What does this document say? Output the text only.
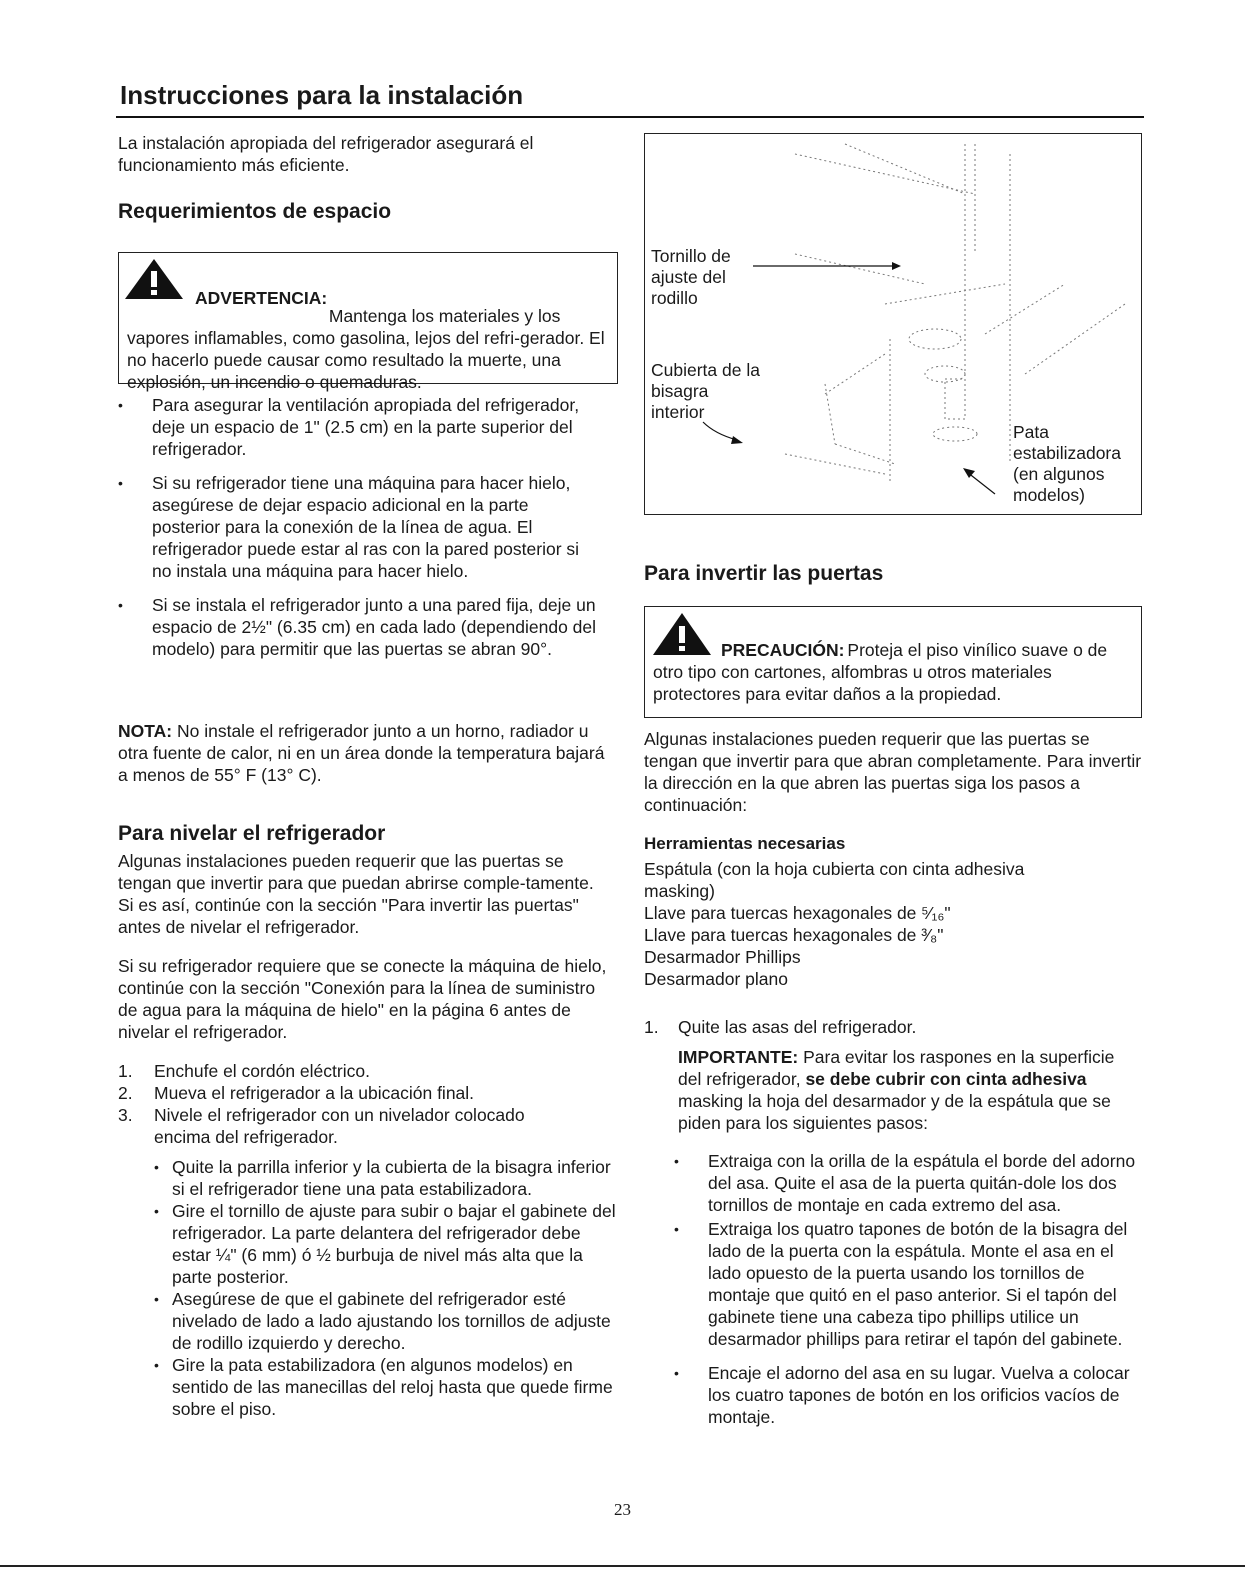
Instrucciones para la instalación

La instalación apropiada del refrigerador asegurará el funcionamiento más eficiente.

Requerimientos de espacio
ADVERTENCIA:
Mantenga los materiales y los vapores inflamables, como gasolina, lejos del refri-gerador. El no hacerlo puede causar como resultado la muerte, una explosión, un incendio o quemaduras.
• Para asegurar la ventilación apropiada del refrigerador, deje un espacio de 1" (2.5 cm) en la parte superior del refrigerador.
• Si su refrigerador tiene una máquina para hacer hielo, asegúrese de dejar espacio adicional en la parte posterior para la conexión de la línea de agua. El refrigerador puede estar al ras con la pared posterior si no instala una máquina para hacer hielo.
• Si se instala el refrigerador junto a una pared fija, deje un espacio de 2½" (6.35 cm) en cada lado (dependiendo del modelo) para permitir que las puertas se abran 90°.

NOTA: No instale el refrigerador junto a un horno, radiador u otra fuente de calor, ni en un área donde la temperatura bajará a menos de 55° F (13° C).

Para nivelar el refrigerador

Algunas instalaciones pueden requerir que las puertas se tengan que invertir para que puedan abrirse comple-tamente. Si es así, continúe con la sección "Para invertir las puertas" antes de nivelar el refrigerador.

Si su refrigerador requiere que se conecte la máquina de hielo, continúe con la sección "Conexión para la línea de suministro de agua para la máquina de hielo" en la página 6 antes de nivelar el refrigerador.

1. Enchufe el cordón eléctrico.
2. Mueva el refrigerador a la ubicación final.
3. Nivele el refrigerador con un nivelador colocado encima del refrigerador.
• Quite la parrilla inferior y la cubierta de la bisagra inferior si el refrigerador tiene una pata estabilizadora.
• Gire el tornillo de ajuste para subir o bajar el gabinete del refrigerador. La parte delantera del refrigerador debe estar ¼" (6 mm) ó ½ burbuja de nivel más alta que la parte posterior.
• Asegúrese de que el gabinete del refrigerador esté nivelado de lado a lado ajustando los tornillos de adjuste de rodillo izquierdo y derecho.
• Gire la pata estabilizadora (en algunos modelos) en sentido de las manecillas del reloj hasta que quede firme sobre el piso.
Tornillo de ajuste del rodillo
Cubierta de la bisagra interior
Pata estabilizadora (en algunos modelos)
Para invertir las puertas
PRECAUCIÓN: Proteja el piso vinílico suave o de otro tipo con cartones, alfombras u otros materiales protectores para evitar daños a la propiedad.

Algunas instalaciones pueden requerir que las puertas se tengan que invertir para que abran completamente. Para invertir la dirección en la que abren las puertas siga los pasos a continuación:

Herramientas necesarias
Espátula (con la hoja cubierta con cinta adhesiva masking)
Llave para tuercas hexagonales de ⁵⁄₁₆"
Llave para tuercas hexagonales de ³⁄₈"
Desarmador Phillips
Desarmador plano
1. Quite las asas del refrigerador.

IMPORTANTE: Para evitar los raspones en la superficie del refrigerador, se debe cubrir con cinta adhesiva masking la hoja del desarmador y de la espátula que se piden para los siguientes pasos:

• Extraiga con la orilla de la espátula el borde del adorno del asa. Quite el asa de la puerta quitán-dole los dos tornillos de montaje en cada extremo del asa.
• Extraiga los quatro tapones de botón de la bisagra del lado de la puerta con la espátula. Monte el asa en el lado opuesto de la puerta usando los tornillos de montaje que quitó en el paso anterior. Si el tapón del gabinete tiene una cabeza tipo phillips utilice un desarmador phillips para retirar el tapón del gabinete.
• Encaje el adorno del asa en su lugar. Vuelva a colocar los cuatro tapones de botón en los orificios vacíos de montaje.
23
